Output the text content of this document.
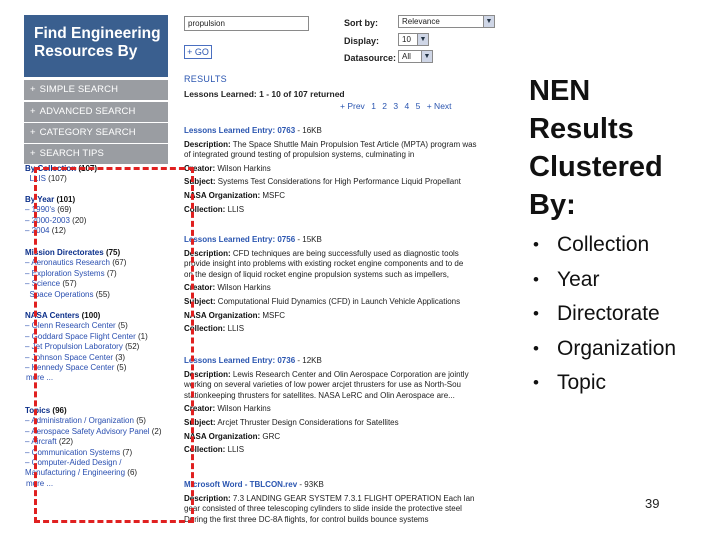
Find Engineering Resources By
+ SIMPLE SEARCH
+ ADVANCED SEARCH
+ CATEGORY SEARCH
+ SEARCH TIPS
By Collection (107)
LLIS (107)
By Year (101)
– 1990's (69)
– 2000-2003 (20)
– 2004 (12)
Mission Directorates (75)
– Aeronautics Research (67)
– Exploration Systems (7)
– Science (57)
Space Operations (55)
NASA Centers (100)
– Glenn Research Center (5)
– Goddard Space Flight Center (1)
– Jet Propulsion Laboratory (52)
– Johnson Space Center (3)
– Kennedy Space Center (5)
more ...
Topics (96)
– Administration / Organization (5)
– Aerospace Safety Advisory Panel (2)
– Aircraft (22)
– Communication Systems (7)
– Computer-Aided Design / Manufacturing / Engineering (6)
more ...
propulsion
+ GO
Sort by:	Relevance	▼
Display:	10	▼
Datasource: All	▼
RESULTS
Lessons Learned: 1 - 10 of 107 returned
+ Prev 1 2 3 4 5 + Next
Lessons Learned Entry: 0763 - 16KB
Description: The Space Shuttle Main Propulsion Test Article (MPTA) program was
of integrated ground testing of propulsion systems, culminating in
Creator: Wilson Harkins
Subject: Systems Test Considerations for High Performance Liquid Propellant
NASA Organization: MSFC
Collection: LLIS
Lessons Learned Entry: 0756 - 15KB
Description: CFD techniques are being successfully used as diagnostic tools
provide insight into problems with existing rocket engine components and to de
on the design of liquid rocket engine propulsion systems such as impellers,
Creator: Wilson Harkins
Subject: Computational Fluid Dynamics (CFD) in Launch Vehicle Applications
NASA Organization: MSFC
Collection: LLIS
Lessons Learned Entry: 0736 - 12KB
Description: Lewis Research Center and Olin Aerospace Corporation are jointly
working on several varieties of low power arcjet thrusters for use as North-Sou
stationkeeping thrusters for satellites. NASA LeRC and Olin Aerospace are...
Creator: Wilson Harkins
Subject: Arcjet Thruster Design Considerations for Satellites
NASA Organization: GRC
Collection: LLIS
Microsoft Word - TBLCON.rev - 93KB
Description: 7.3 LANDING GEAR SYSTEM 7.3.1 FLIGHT OPERATION Each lan
gear consisted of three telescoping cylinders to slide inside the protective steel
During the first three DC-8A flights, for control builds bounce systems
NEN
Results
Clustered
By:
• Collection
• Year
• Directorate
• Organization
• Topic
39
